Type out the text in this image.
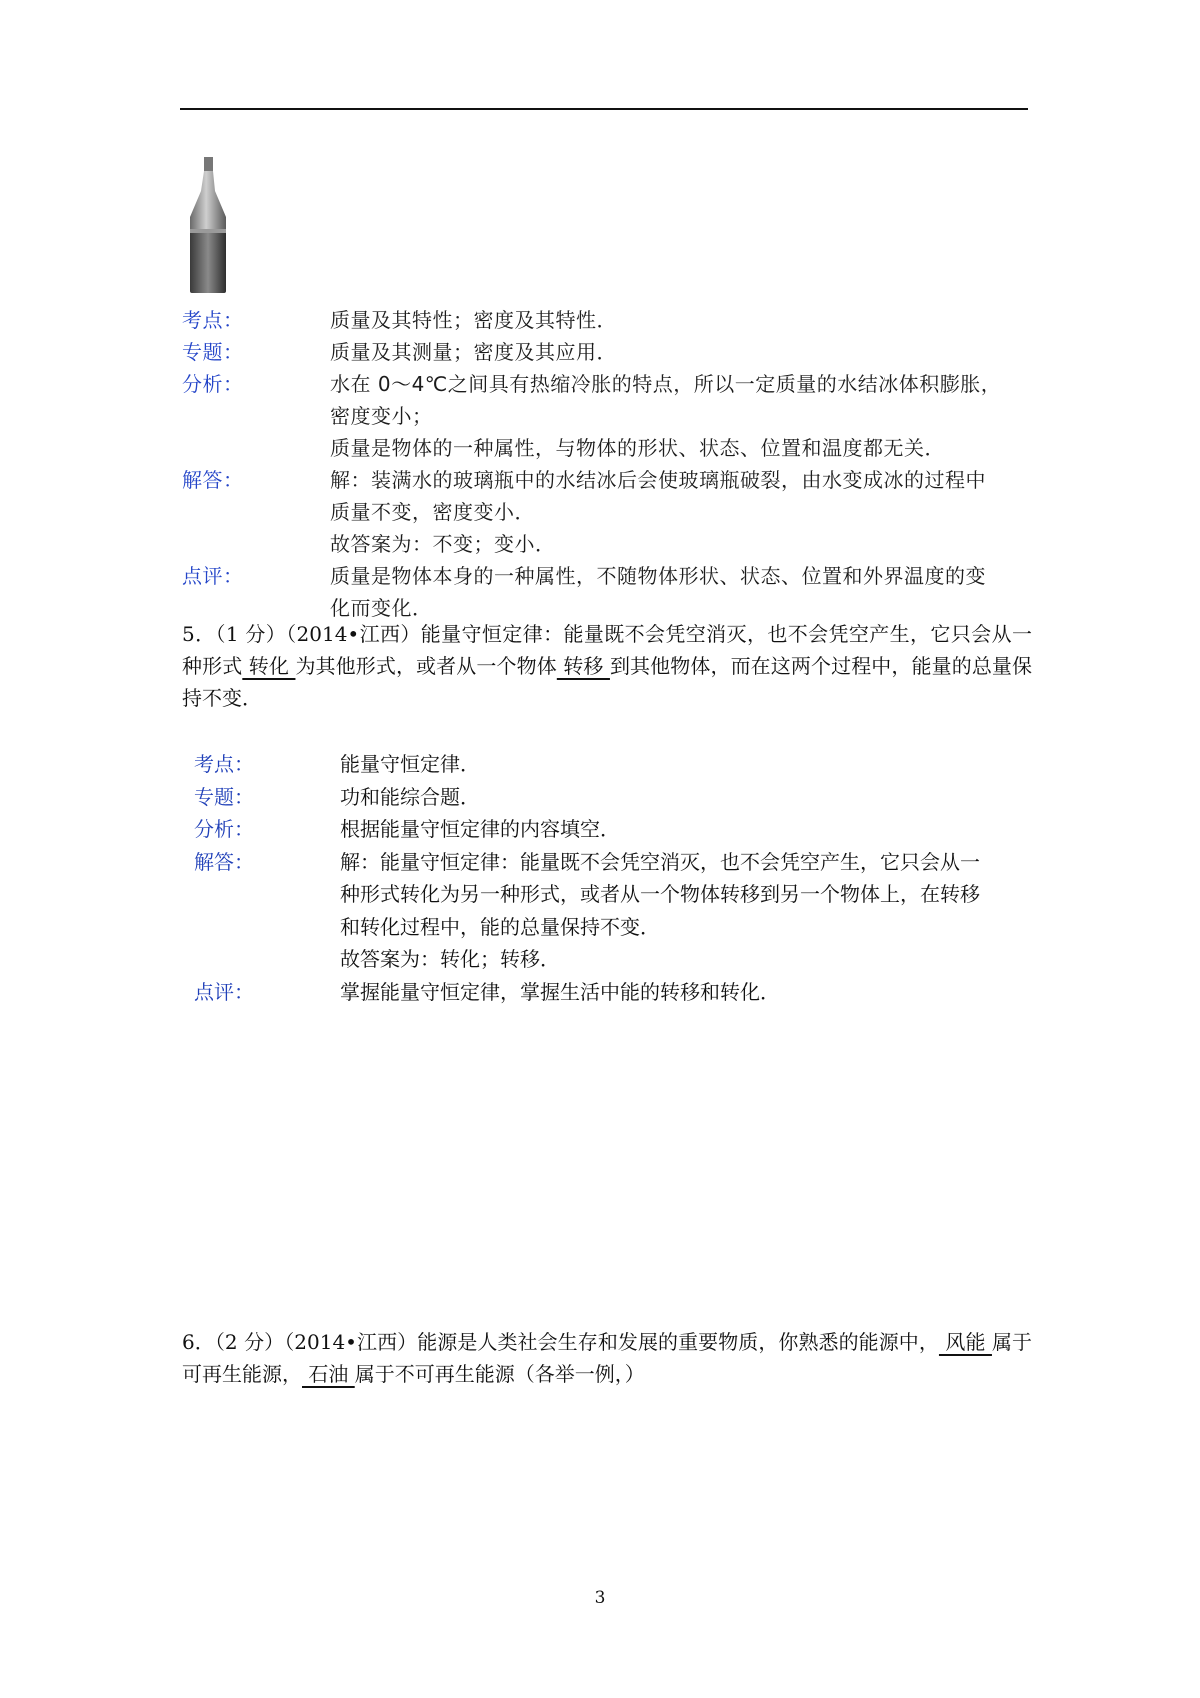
考点：	质量及其特性；密度及其特性．
专题：	质量及其测量；密度及其应用．
分析：	水在 0～4℃之间具有热缩冷胀的特点，所以一定质量的水结冰体积膨胀，
密度变小；
质量是物体的一种属性，与物体的形状、状态、位置和温度都无关．
解答：	解：装满水的玻璃瓶中的水结冰后会使玻璃瓶破裂，由水变成冰的过程中
质量不变，密度变小．
故答案为：不变；变小．
点评：	质量是物体本身的一种属性，不随物体形状、状态、位置和外界温度的变
化而变化．
5．（1 分）（2014•江西）能量守恒定律：能量既不会凭空消灭，也不会凭空产生，它只会从一种形式 转化 为其他形式，或者从一个物体 转移 到其他物体，而在这两个过程中，能量的总量保持不变．
考点：	能量守恒定律．
专题：	功和能综合题．
分析：	根据能量守恒定律的内容填空．
解答：	解：能量守恒定律：能量既不会凭空消灭，也不会凭空产生，它只会从一
种形式转化为另一种形式，或者从一个物体转移到另一个物体上，在转移
和转化过程中，能的总量保持不变．
故答案为：转化；转移．
点评：	掌握能量守恒定律，掌握生活中能的转移和转化．
6．（2 分）（2014•江西）能源是人类社会生存和发展的重要物质，你熟悉的能源中， 风能 属于可再生能源， 石油 属于不可再生能源（各举一例，）
3
